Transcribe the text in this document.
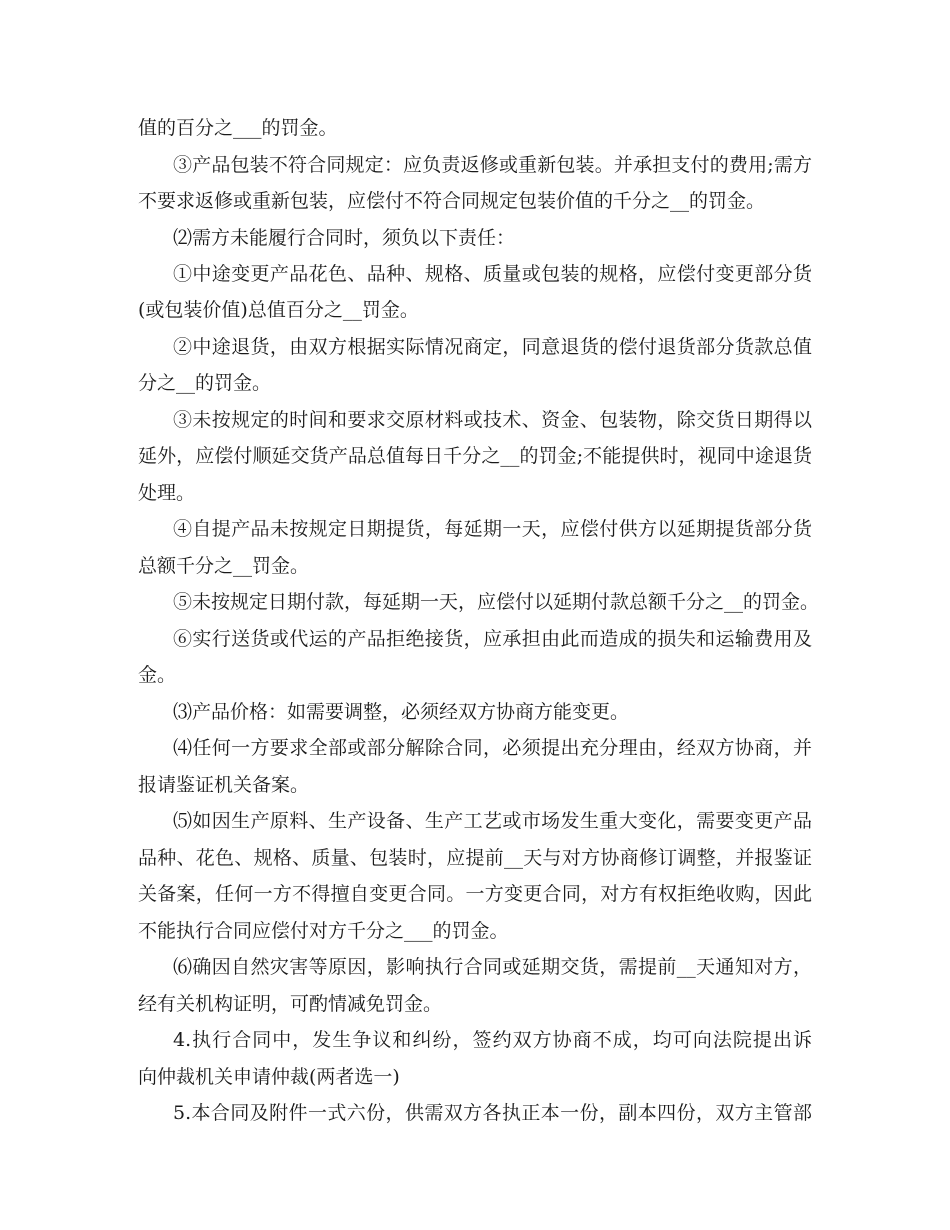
值的百分之___的罚金。
③产品包装不符合同规定：应负责返修或重新包装。并承担支付的费用;需方
不要求返修或重新包装，应偿付不符合同规定包装价值的千分之__的罚金。
⑵需方未能履行合同时，须负以下责任：
①中途变更产品花色、品种、规格、质量或包装的规格，应偿付变更部分货
(或包装价值)总值百分之__罚金。
②中途退货，由双方根据实际情况商定，同意退货的偿付退货部分货款总值
分之__的罚金。
③未按规定的时间和要求交原材料或技术、资金、包装物，除交货日期得以
延外，应偿付顺延交货产品总值每日千分之__的罚金;不能提供时，视同中途退货
处理。
④自提产品未按规定日期提货，每延期一天，应偿付供方以延期提货部分货
总额千分之__罚金。
⑤未按规定日期付款，每延期一天，应偿付以延期付款总额千分之__的罚金。
⑥实行送货或代运的产品拒绝接货，应承担由此而造成的损失和运输费用及
金。
⑶产品价格：如需要调整，必须经双方协商方能变更。
⑷任何一方要求全部或部分解除合同，必须提出充分理由，经双方协商，并
报请鉴证机关备案。
⑸如因生产原料、生产设备、生产工艺或市场发生重大变化，需要变更产品
品种、花色、规格、质量、包装时，应提前__天与对方协商修订调整，并报鉴证
关备案，任何一方不得擅自变更合同。一方变更合同，对方有权拒绝收购，因此
不能执行合同应偿付对方千分之___的罚金。
⑹确因自然灾害等原因，影响执行合同或延期交货，需提前__天通知对方，
经有关机构证明，可酌情减免罚金。
4.执行合同中，发生争议和纠纷，签约双方协商不成，均可向法院提出诉
向仲裁机关申请仲裁(两者选一)
5.本合同及附件一式六份，供需双方各执正本一份，副本四份，双方主管部
